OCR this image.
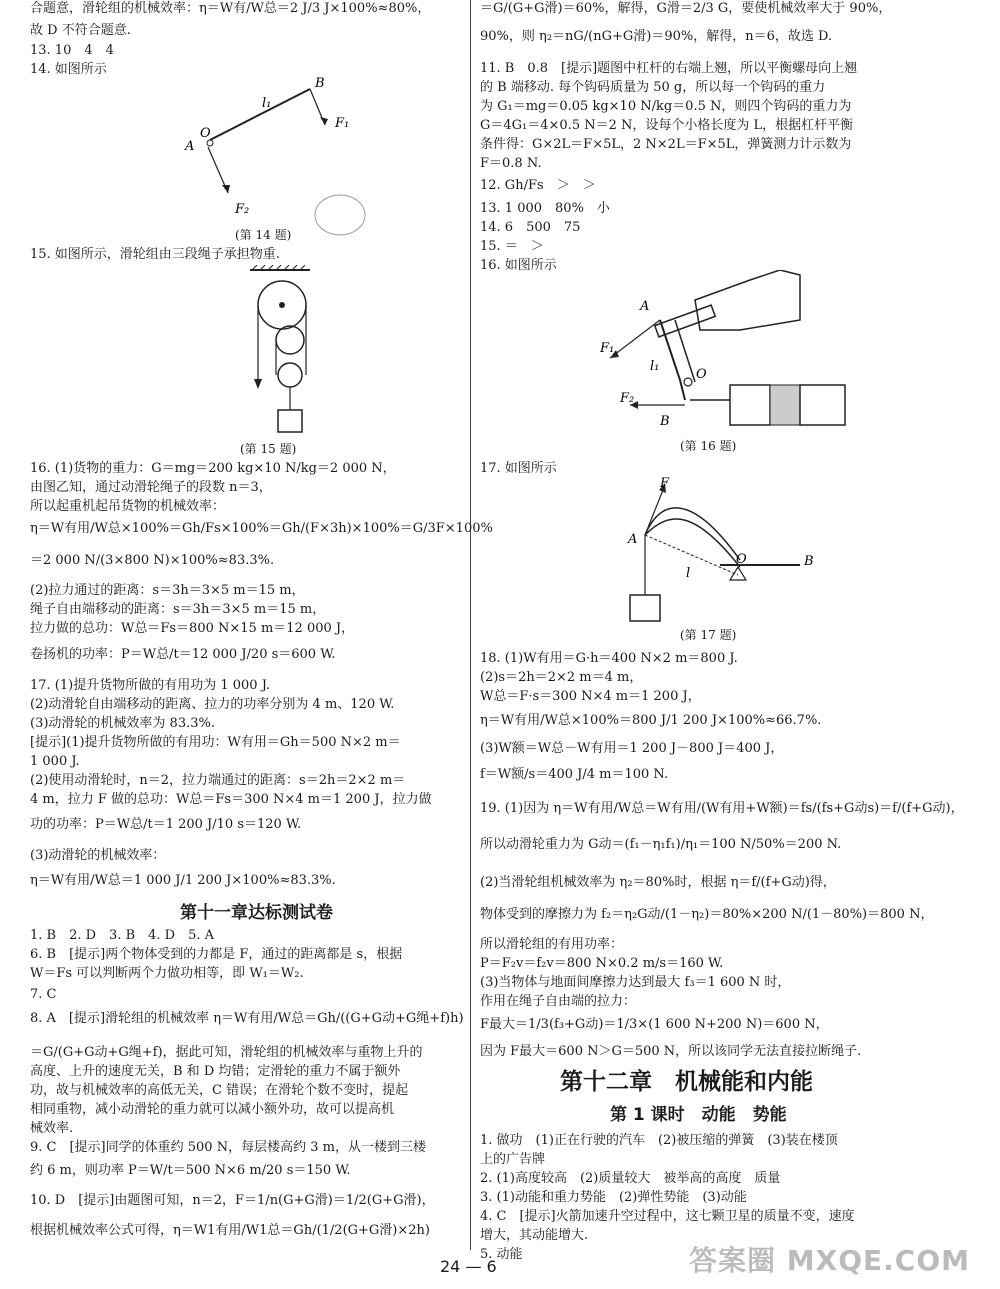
合题意，滑轮组的机械效率：η＝W有/W总＝2 J/3 J×100%≈80%，
故 D 不符合题意.
13. 10　4　4
14. 如图所示
15. 如图所示，滑轮组由三段绳子承担物重.
16. (1)货物的重力：G＝mg＝200 kg×10 N/kg＝2 000 N，
由图乙知，通过动滑轮绳子的段数 n＝3，
所以起重机起吊货物的机械效率：
η＝W有用/W总×100%＝Gh/Fs×100%＝Gh/(F×3h)×100%＝G/3F×100%
＝2 000 N/(3×800 N)×100%≈83.3%.
(2)拉力通过的距离：s＝3h＝3×5 m＝15 m，
绳子自由端移动的距离：s＝3h＝3×5 m＝15 m，
拉力做的总功：W总＝Fs＝800 N×15 m＝12 000 J，
卷扬机的功率：P＝W总/t＝12 000 J/20 s＝600 W.
17. (1)提升货物所做的有用功为 1 000 J.
(2)动滑轮自由端移动的距离、拉力的功率分别为 4 m、120 W.
(3)动滑轮的机械效率为 83.3%.
[提示](1)提升货物所做的有用功：W有用＝Gh＝500 N×2 m＝
1 000 J.
(2)使用动滑轮时，n＝2，拉力端通过的距离：s＝2h＝2×2 m＝
4 m，拉力 F 做的总功：W总＝Fs＝300 N×4 m＝1 200 J，拉力做
功的功率：P＝W总/t＝1 200 J/10 s＝120 W.
(3)动滑轮的机械效率：
η＝W有用/W总＝1 000 J/1 200 J×100%≈83.3%.
1. B　2. D　3. B　4. D　5. A
6. B　[提示]两个物体受到的力都是 F，通过的距离都是 s，根据
W＝Fs 可以判断两个力做功相等，即 W₁＝W₂.
7. C
8. A　[提示]滑轮组的机械效率 η＝W有用/W总＝Gh/((G+G动+G绳+f)h)
＝G/(G+G动+G绳+f)，据此可知，滑轮组的机械效率与重物上升的
高度、上升的速度无关，B 和 D 均错；定滑轮的重力不属于额外
功，故与机械效率的高低无关，C 错误；在滑轮个数不变时，提起
相同重物，减小动滑轮的重力就可以减小额外功，故可以提高机
械效率.
9. C　[提示]同学的体重约 500 N，每层楼高约 3 m，从一楼到三楼
约 6 m，则功率 P＝W/t＝500 N×6 m/20 s＝150 W.
10. D　[提示]由题图可知，n＝2，F＝1/n(G+G滑)＝1/2(G+G滑)，
根据机械效率公式可得，η＝W1有用/W1总＝Gh/(1/2(G+G滑)×2h)
B
l₁
F₁
A
O
F₂
(第 14 题)
(第 15 题)
第十一章达标测试卷
＝G/(G+G滑)＝60%，解得，G滑＝2/3 G，要使机械效率大于 90%，
90%，则 η₂＝nG/(nG+G滑)＝90%，解得，n＝6，故选 D.
11. B　0.8　[提示]题图中杠杆的右端上翘，所以平衡螺母向上翘
的 B 端移动. 每个钩码质量为 50 g，所以每一个钩码的重力
为 G₁＝mg＝0.05 kg×10 N/kg＝0.5 N，则四个钩码的重力为
G＝4G₁＝4×0.5 N＝2 N，设每个小格长度为 L，根据杠杆平衡
条件得：G×2L＝F×5L，2 N×2L＝F×5L，弹簧测力计示数为
F＝0.8 N.
12. Gh/Fs　＞　＞
13. 1 000　80%　小
14. 6　500　75
15. ＝　＞
16. 如图所示
17. 如图所示
18. (1)W有用＝G·h＝400 N×2 m＝800 J.
(2)s＝2h＝2×2 m＝4 m，
W总＝F·s＝300 N×4 m＝1 200 J，
η＝W有用/W总×100%＝800 J/1 200 J×100%≈66.7%.
(3)W额＝W总－W有用＝1 200 J－800 J＝400 J，
f＝W额/s＝400 J/4 m＝100 N.
19. (1)因为 η＝W有用/W总＝W有用/(W有用+W额)＝fs/(fs+G动s)＝f/(f+G动)，
所以动滑轮重力为 G动＝(f₁－η₁f₁)/η₁＝100 N/50%＝200 N.
(2)当滑轮组机械效率为 η₂＝80%时，根据 η＝f/(f+G动)得，
物体受到的摩擦力为 f₂＝η₂G动/(1－η₂)＝80%×200 N/(1－80%)＝800 N，
所以滑轮组的有用功率：
P＝F₂v＝f₂v＝800 N×0.2 m/s＝160 W.
(3)当物体与地面间摩擦力达到最大 f₃＝1 600 N 时，
作用在绳子自由端的拉力：
F最大＝1/3(f₃+G动)＝1/3×(1 600 N+200 N)＝600 N，
因为 F最大＝600 N＞G＝500 N，所以该同学无法直接拉断绳子.
1. 做功　(1)正在行驶的汽车　(2)被压缩的弹簧　(3)装在楼顶
上的广告牌
2. (1)高度较高　(2)质量较大　被举高的高度　质量
3. (1)动能和重力势能　(2)弹性势能　(3)动能
4. C　[提示]火箭加速升空过程中，这七颗卫星的质量不变，速度
增大，其动能增大.
5. 动能
A
F₁
l₁
O
F₂
B
(第 16 题)
F
A
O	B
l
(第 17 题)
第十二章　机械能和内能
第 1 课时　动能　势能
24 — 6	答案圈 MXQE.COM
